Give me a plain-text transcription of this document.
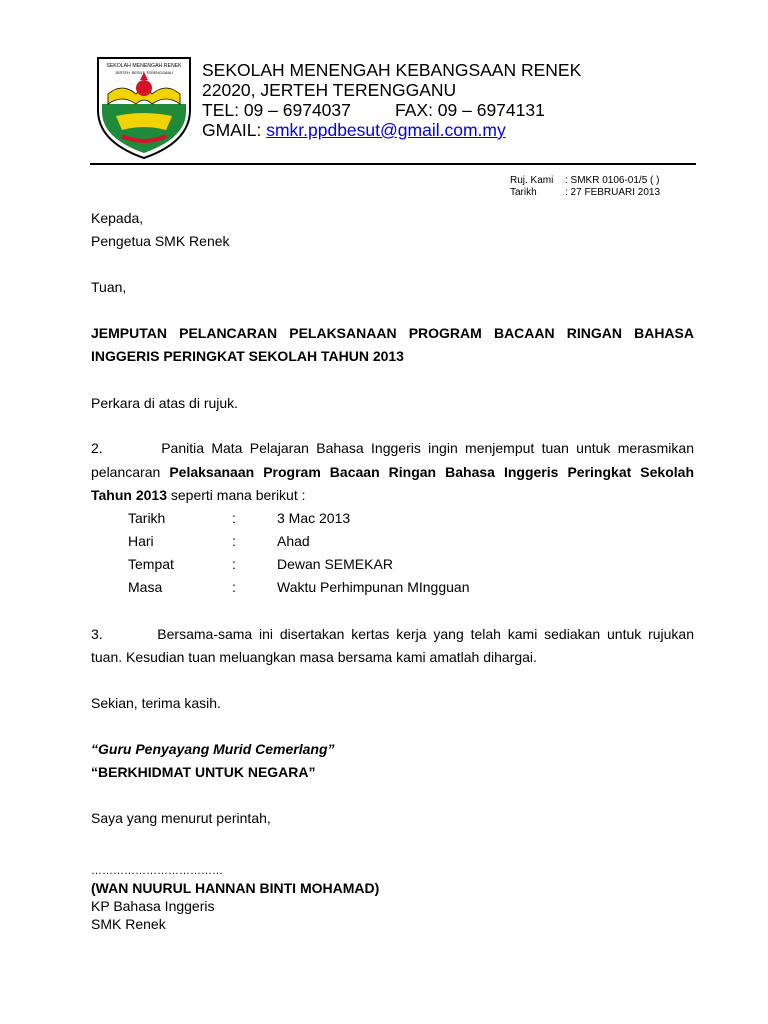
SEKOLAH MENENGAH RENEK
JERTEH, BESUT, TERENGGANU SEKOLAH MENENGAH KEBANGSAAN RENEK
22020, JERTEH TERENGGANU
TEL: 09 – 6974037	FAX: 09 – 6974131
GMAIL: smkr.ppdbesut@gmail.com.my
Ruj. Kami : SMKR 0106-01/5 ( )
Tarikh	: 27 FEBRUARI 2013
Kepada,
Pengetua SMK Renek
Tuan,
JEMPUTAN PELANCARAN PELAKSANAAN PROGRAM BACAAN RINGAN BAHASA
INGGERIS PERINGKAT SEKOLAH TAHUN 2013
Perkara di atas di rujuk.
2.        Panitia Mata Pelajaran Bahasa Inggeris ingin menjemput tuan untuk merasmikan
pelancaran Pelaksanaan Program Bacaan Ringan Bahasa Inggeris Peringkat Sekolah
Tahun 2013 seperti mana berikut :
Tarikh	:	3 Mac 2013
Hari	:	Ahad
Tempat	:	Dewan SEMEKAR
Masa	:	Waktu Perhimpunan MIngguan
3.        Bersama-sama ini disertakan kertas kerja yang telah kami sediakan untuk rujukan
tuan. Kesudian tuan meluangkan masa bersama kami amatlah dihargai.
Sekian, terima kasih.
“Guru Penyayang Murid Cemerlang”
“BERKHIDMAT UNTUK NEGARA”
Saya yang menurut perintah,
………………………………
(WAN NUURUL HANNAN BINTI MOHAMAD)
KP Bahasa Inggeris
SMK Renek
